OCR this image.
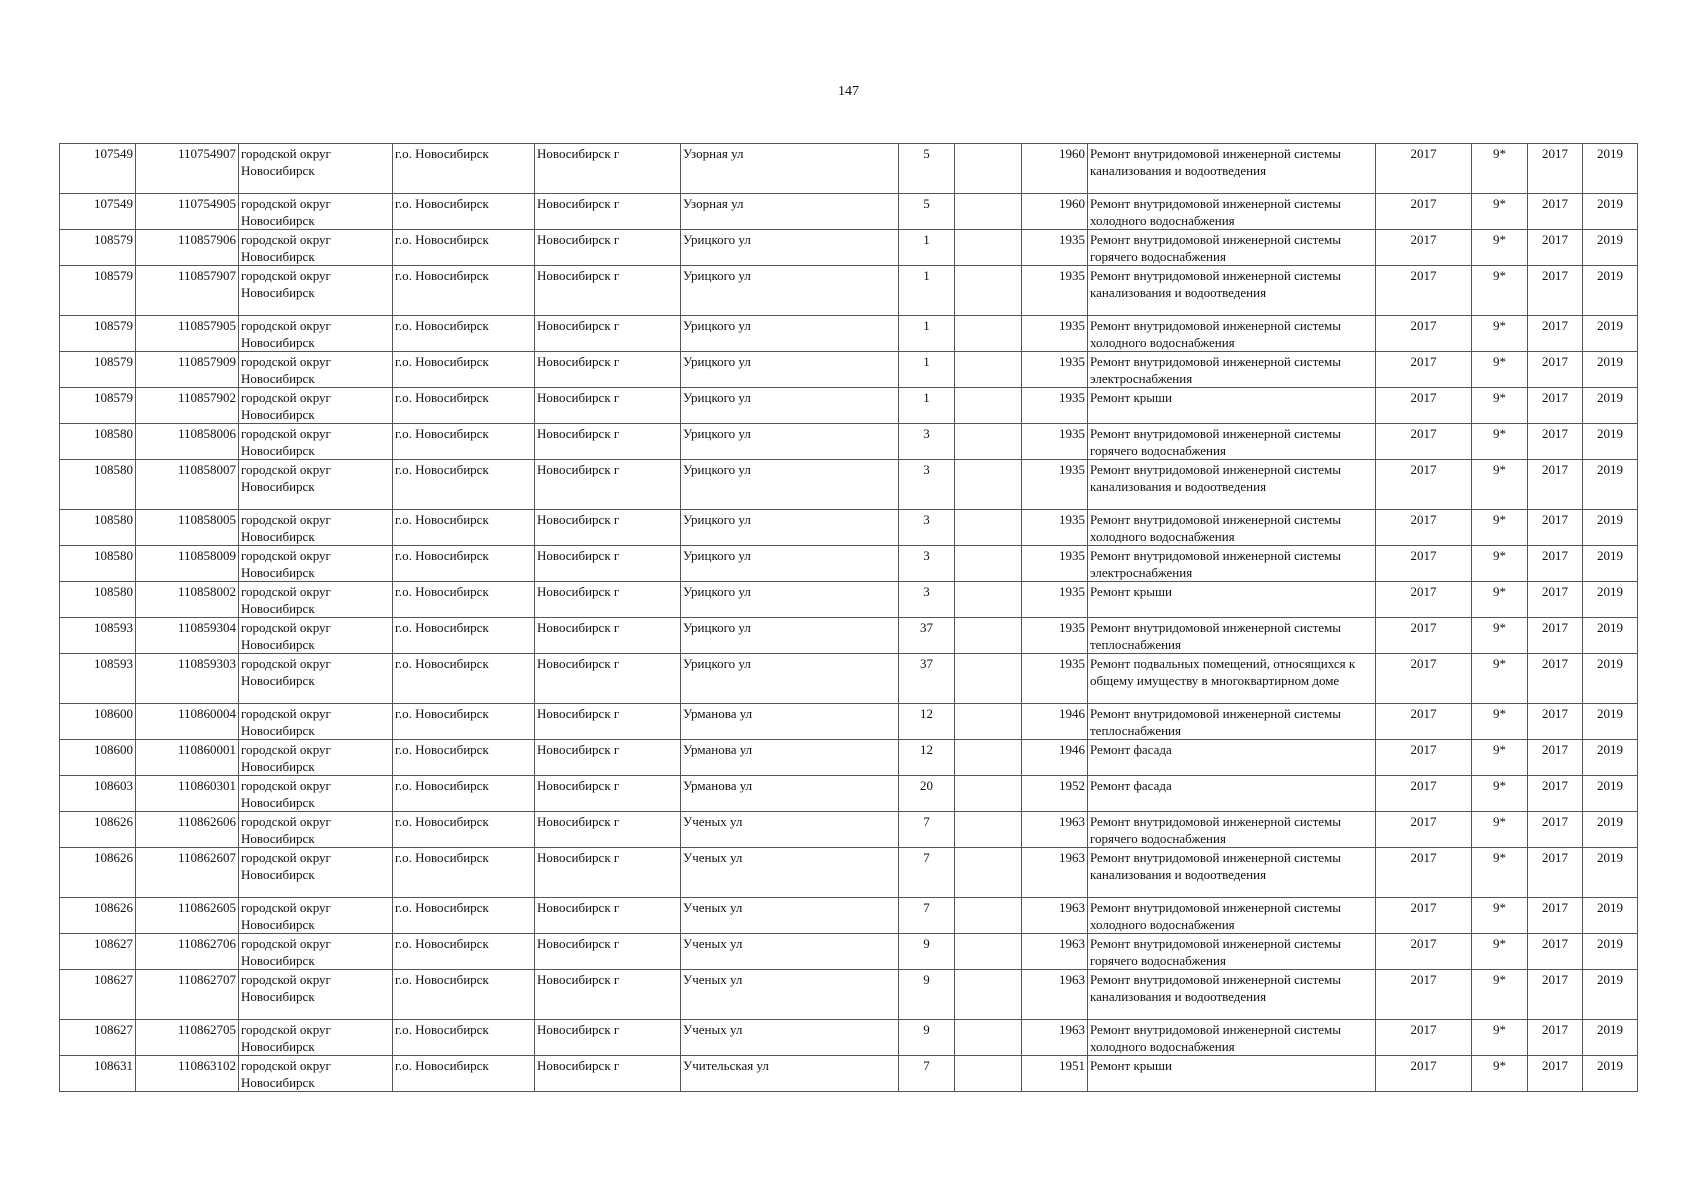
147
107549	110754907	городской округ Новосибирск	г.о. Новосибирск	Новосибирск г	Узорная ул	5		1960	Ремонт внутридомовой инженерной системы канализования и водоотведения	2017	9*	2017	2019
107549	110754905	городской округ Новосибирск	г.о. Новосибирск	Новосибирск г	Узорная ул	5		1960	Ремонт внутридомовой инженерной системы холодного водоснабжения	2017	9*	2017	2019
108579	110857906	городской округ Новосибирск	г.о. Новосибирск	Новосибирск г	Урицкого ул	1		1935	Ремонт внутридомовой инженерной системы горячего водоснабжения	2017	9*	2017	2019
108579	110857907	городской округ Новосибирск	г.о. Новосибирск	Новосибирск г	Урицкого ул	1		1935	Ремонт внутридомовой инженерной системы канализования и водоотведения	2017	9*	2017	2019
108579	110857905	городской округ Новосибирск	г.о. Новосибирск	Новосибирск г	Урицкого ул	1		1935	Ремонт внутридомовой инженерной системы холодного водоснабжения	2017	9*	2017	2019
108579	110857909	городской округ Новосибирск	г.о. Новосибирск	Новосибирск г	Урицкого ул	1		1935	Ремонт внутридомовой инженерной системы электроснабжения	2017	9*	2017	2019
108579	110857902	городской округ Новосибирск	г.о. Новосибирск	Новосибирск г	Урицкого ул	1		1935	Ремонт крыши	2017	9*	2017	2019
108580	110858006	городской округ Новосибирск	г.о. Новосибирск	Новосибирск г	Урицкого ул	3		1935	Ремонт внутридомовой инженерной системы горячего водоснабжения	2017	9*	2017	2019
108580	110858007	городской округ Новосибирск	г.о. Новосибирск	Новосибирск г	Урицкого ул	3		1935	Ремонт внутридомовой инженерной системы канализования и водоотведения	2017	9*	2017	2019
108580	110858005	городской округ Новосибирск	г.о. Новосибирск	Новосибирск г	Урицкого ул	3		1935	Ремонт внутридомовой инженерной системы холодного водоснабжения	2017	9*	2017	2019
108580	110858009	городской округ Новосибирск	г.о. Новосибирск	Новосибирск г	Урицкого ул	3		1935	Ремонт внутридомовой инженерной системы электроснабжения	2017	9*	2017	2019
108580	110858002	городской округ Новосибирск	г.о. Новосибирск	Новосибирск г	Урицкого ул	3		1935	Ремонт крыши	2017	9*	2017	2019
108593	110859304	городской округ Новосибирск	г.о. Новосибирск	Новосибирск г	Урицкого ул	37		1935	Ремонт внутридомовой инженерной системы теплоснабжения	2017	9*	2017	2019
108593	110859303	городской округ Новосибирск	г.о. Новосибирск	Новосибирск г	Урицкого ул	37		1935	Ремонт подвальных помещений, относящихся к общему имуществу в многоквартирном доме	2017	9*	2017	2019
108600	110860004	городской округ Новосибирск	г.о. Новосибирск	Новосибирск г	Урманова ул	12		1946	Ремонт внутридомовой инженерной системы теплоснабжения	2017	9*	2017	2019
108600	110860001	городской округ Новосибирск	г.о. Новосибирск	Новосибирск г	Урманова ул	12		1946	Ремонт фасада	2017	9*	2017	2019
108603	110860301	городской округ Новосибирск	г.о. Новосибирск	Новосибирск г	Урманова ул	20		1952	Ремонт фасада	2017	9*	2017	2019
108626	110862606	городской округ Новосибирск	г.о. Новосибирск	Новосибирск г	Ученых ул	7		1963	Ремонт внутридомовой инженерной системы горячего водоснабжения	2017	9*	2017	2019
108626	110862607	городской округ Новосибирск	г.о. Новосибирск	Новосибирск г	Ученых ул	7		1963	Ремонт внутридомовой инженерной системы канализования и водоотведения	2017	9*	2017	2019
108626	110862605	городской округ Новосибирск	г.о. Новосибирск	Новосибирск г	Ученых ул	7		1963	Ремонт внутридомовой инженерной системы холодного водоснабжения	2017	9*	2017	2019
108627	110862706	городской округ Новосибирск	г.о. Новосибирск	Новосибирск г	Ученых ул	9		1963	Ремонт внутридомовой инженерной системы горячего водоснабжения	2017	9*	2017	2019
108627	110862707	городской округ Новосибирск	г.о. Новосибирск	Новосибирск г	Ученых ул	9		1963	Ремонт внутридомовой инженерной системы канализования и водоотведения	2017	9*	2017	2019
108627	110862705	городской округ Новосибирск	г.о. Новосибирск	Новосибирск г	Ученых ул	9		1963	Ремонт внутридомовой инженерной системы холодного водоснабжения	2017	9*	2017	2019
108631	110863102	городской округ Новосибирск	г.о. Новосибирск	Новосибирск г	Учительская ул	7		1951	Ремонт крыши	2017	9*	2017	2019
